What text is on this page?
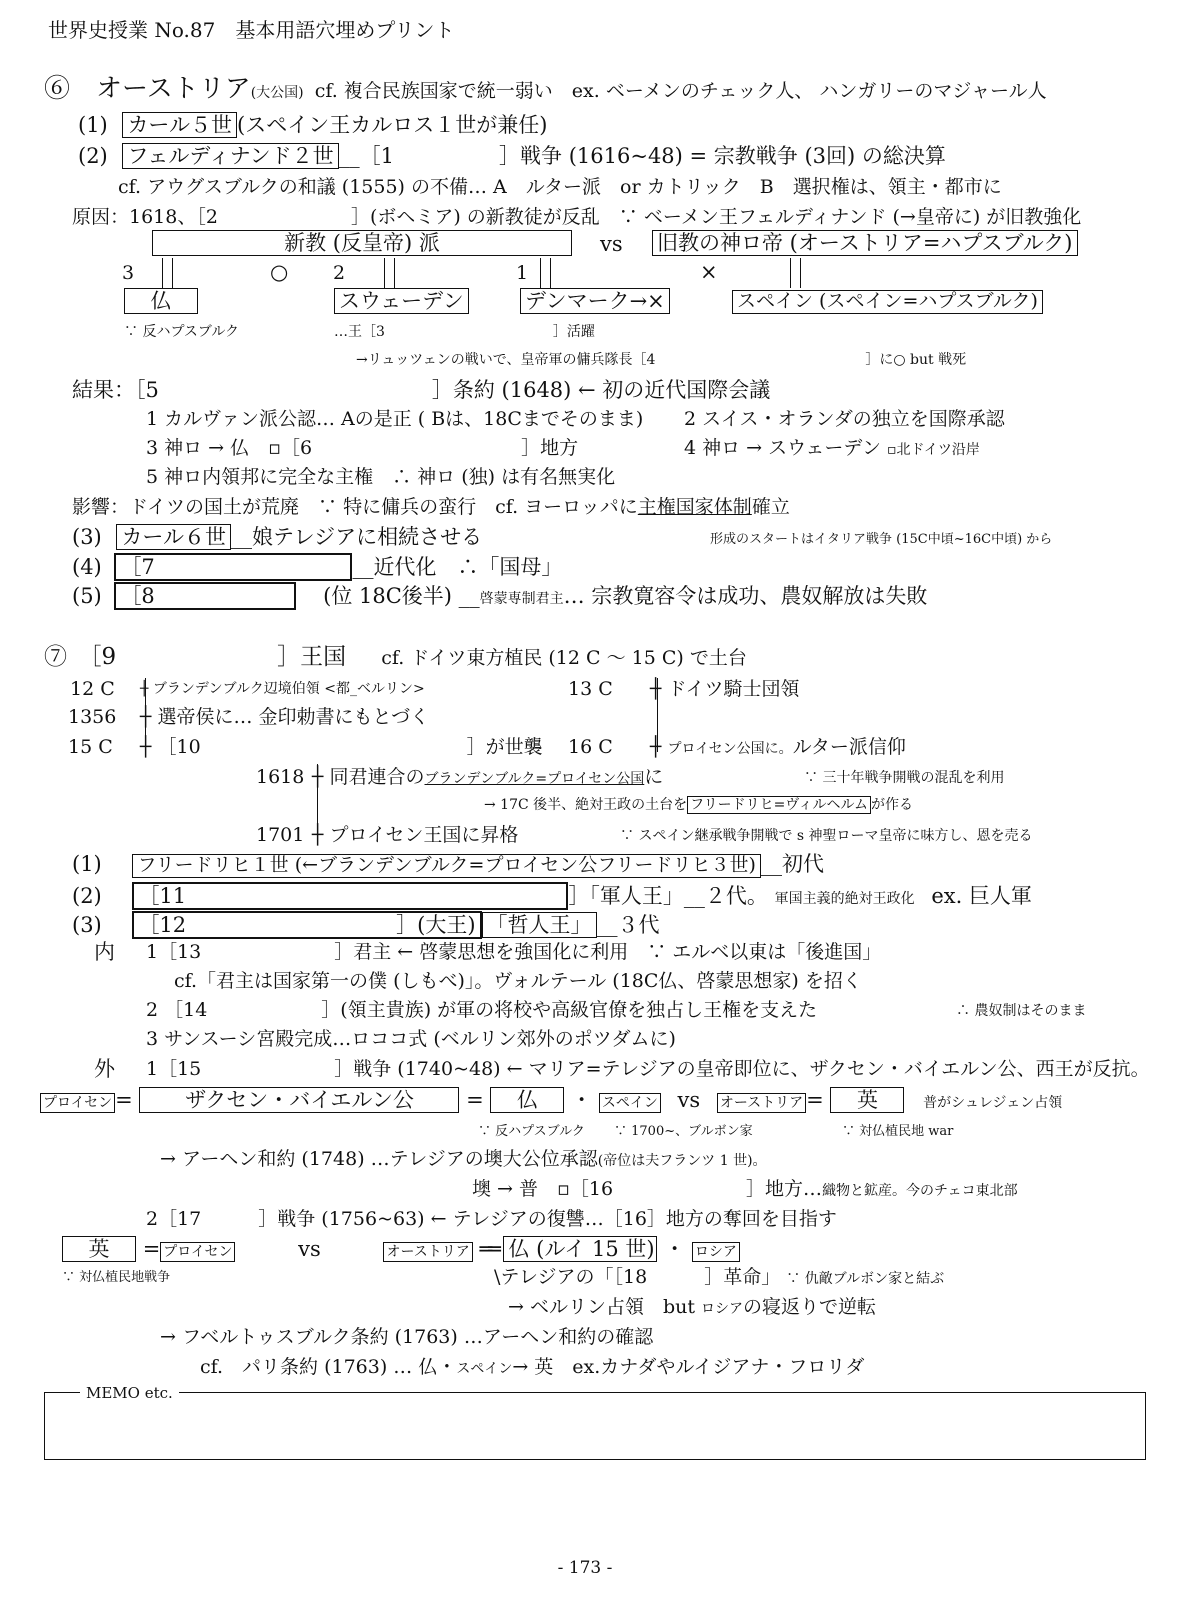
世界史授業 No.87　基本用語穴埋めプリント
⑥　オーストリア(大公国) cf. 複合民族国家で統一弱い　ex. ベーメンのチェック人、 ハンガリーのマジャール人
(1) カール５世 (スペイン王カルロス１世が兼任)
(2) フェルディナンド２世 __［1　　　　　］戦争 (1616~48) = 宗教戦争 (3回) の総決算
cf. アウグスブルクの和議 (1555) の不備… A　ルター派　or カトリック　B　選択権は、領主・都市に
原因：1618、［2　　　　　　　］(ボヘミア) の新教徒が反乱　∵ ベーメン王フェルディナンド (→皇帝に) が旧教強化
新教 (反皇帝) 派	vs 旧教の神ロ帝 (オーストリア=ハプスブルク)
3	○ 2	1	×
仏	スウェーデン	デンマーク→×	スペイン (スペイン=ハプスブルク)
∵ 反ハプスブルク	…王［3　　　　　　　　　　　　］活躍
→リュッツェンの戦いで、皇帝軍の傭兵隊長［4　　　　　　　　　　　　　　　］に○ but 戦死
結果：［5　　　　　　　　　　　　　］条約 (1648) ← 初の近代国際会議
1 カルヴァン派公認… Aの是正 ( Bは、18Cまでそのまま) 2 スイス・オランダの独立を国際承認
3 神ロ → 仏　▫［6　　　　　　　　　　　］地方	4 神ロ → スウェーデン ▫北ドイツ沿岸
5 神ロ内領邦に完全な主権　∴ 神ロ (独) は有名無実化
影響：ドイツの国土が荒廃　∵ 特に傭兵の蛮行　cf. ヨーロッパに主権国家体制確立
(3) カール６世 __娘テレジアに相続させる	形成のスタートはイタリア戦争 (15C中頃~16C中頃) から
(4) ［7	__近代化　∴「国母」
(5) ［8	(位 18C後半) __啓蒙専制君主… 宗教寛容令は成功、農奴解放は失敗
⑦　［9　　　　　　　］王国 cf. ドイツ東方植民 (12 C ～ 15 C) で土台
12 C ┼ ブランデンブルク辺境伯領 <都_ベルリン>	13 C ┼ ドイツ騎士団領
1356 ┼ 選帝侯に… 金印勅書にもとづく
15 C ┼ ［10　　　　　　　　　　　　　　］が世襲 16 C ┼ プロイセン公国に。ルター派信仰
1618 ┼ 同君連合のブランデンブルク=プロイセン公国に	∵ 三十年戦争開戦の混乱を利用
→ 17C 後半、絶対王政の土台を フリードリヒ=ヴィルヘルム が作る
1701 ┼ プロイセン王国に昇格	∵ スペイン継承戦争開戦で s 神聖ローマ皇帝に味方し、恩を売る
(1) フリードリヒ１世 (←ブランデンブルク=プロイセン公フリードリヒ３世) __初代
(2) ［11	］「軍人王」__２代。 軍国主義的絶対王政化 ex. 巨人軍
(3) ［12　　　　　　　　　　］(大王) 「哲人王」 __３代
内 1［13　　　　　　　］君主 ← 啓蒙思想を強国化に利用　∵ エルベ以東は「後進国」
cf.「君主は国家第一の僕 (しもべ)」。ヴォルテール (18C仏、啓蒙思想家) を招く
2 ［14　　　　　　］(領主貴族) が軍の将校や高級官僚を独占し王権を支えた	∴ 農奴制はそのまま
3 サンスーシ宮殿完成…ロココ式 (ベルリン郊外のポツダムに)
外 1［15　　　　　　　］戦争 (1740~48) ← マリア=テレジアの皇帝即位に、ザクセン・バイエルン公、西王が反抗。
プロイセン = ザクセン・バイエルン公 = 仏 ・ スペイン vs オーストリア = 英	普がシュレジェン占領
∵ 反ハプスブルク ∵ 1700~、ブルボン家	∵ 対仏植民地 war
→ アーヘン和約 (1748) …テレジアの墺大公位承認(帝位は夫フランツ 1 世)。
墺 → 普　▫［16　　　　　　　］地方…織物と鉱産。今のチェコ東北部
2［17　　　］戦争 (1756~63) ← テレジアの復讐…［16］地方の奪回を目指す
英 = プロイセン	vs	オーストリア ══ 仏 (ルイ 15 世) ・ ロシア
∵ 対仏植民地戦争	\テレジアの「［18　　　］革命」 ∵ 仇敵ブルボン家と結ぶ
→ ベルリン占領　but ロシアの寝返りで逆転
→ フベルトゥスブルク条約 (1763) …アーヘン和約の確認
cf.　パリ条約 (1763) … 仏・スペイン→ 英　ex.カナダやルイジアナ・フロリダ
MEMO etc.
- 173 -
